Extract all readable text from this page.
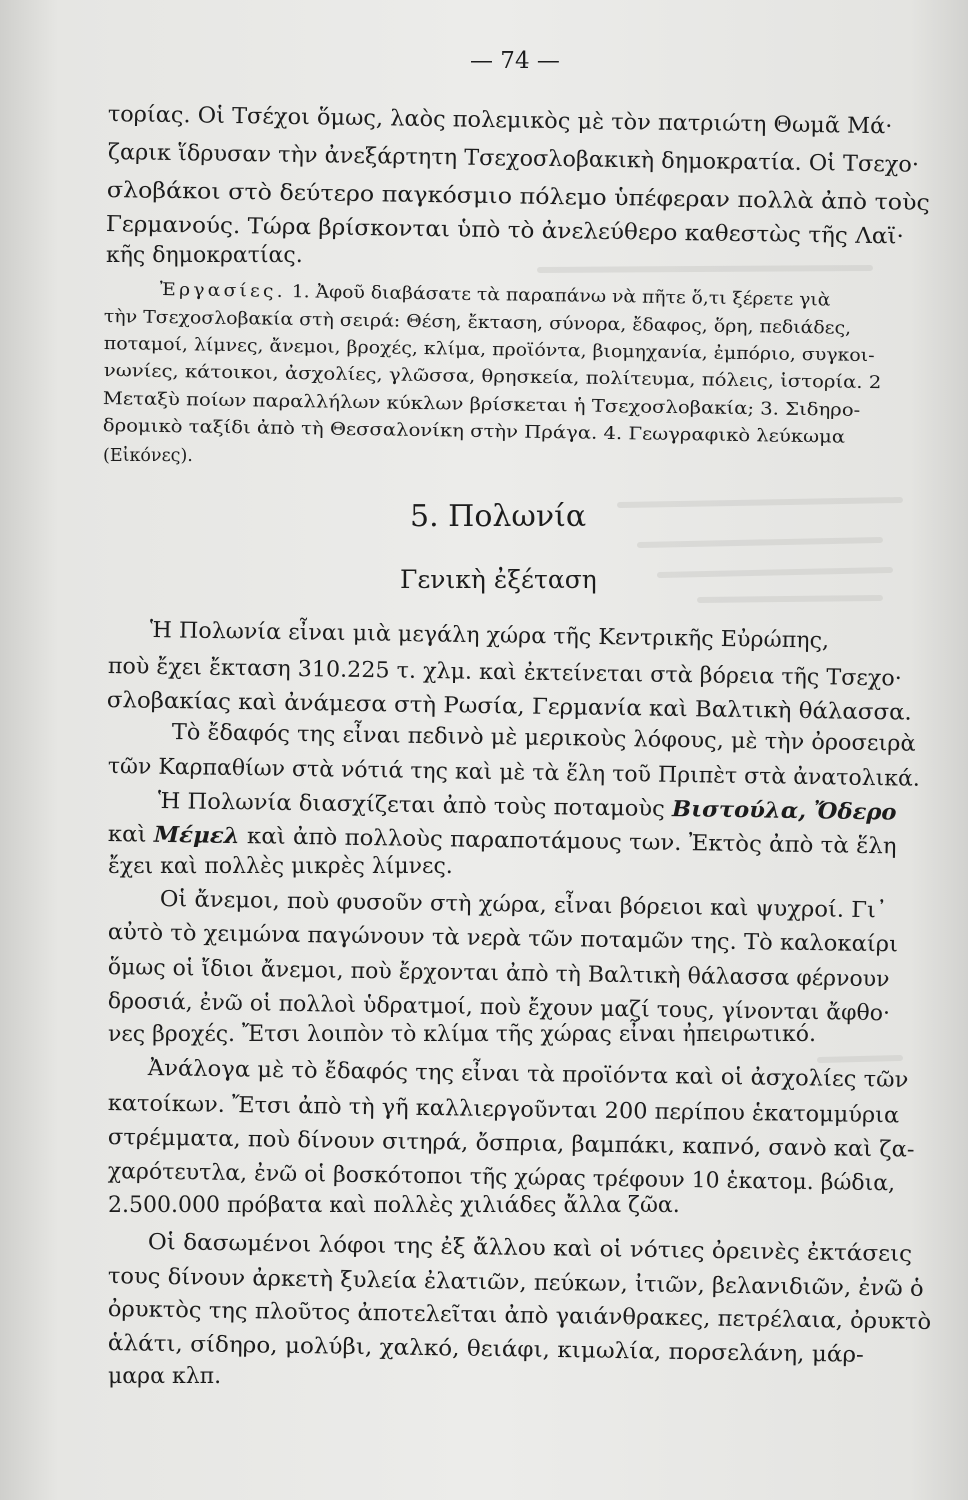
— 74 —
τορίας. Οἱ Τσέχοι ὅμως, λαὸς πολεμικὸς μὲ τὸν πατριώτη Θωμᾶ Μά·
ζαρικ ἵδρυσαν τὴν ἀνεξάρτητη Τσεχοσλοβακικὴ δημοκρατία. Οἱ Τσεχο·
σλοβάκοι στὸ δεύτερο παγκόσμιο πόλεμο ὑπέφεραν πολλὰ ἀπὸ τοὺς
Γερμανούς. Τώρα βρίσκονται ὑπὸ τὸ ἀνελεύθερο καθεστὼς τῆς Λαϊ·
κῆς δημοκρατίας.
Ἐργασίες. 1. Ἀφοῦ διαβάσατε τὰ παραπάνω νὰ πῆτε ὅ,τι ξέρετε γιὰ
τὴν Τσεχοσλοβακία στὴ σειρά: Θέση, ἔκταση, σύνορα, ἔδαφος, ὅρη, πεδιάδες,
ποταμοί, λίμνες, ἄνεμοι, βροχές, κλίμα, προϊόντα, βιομηχανία, ἐμπόριο, συγκοι-
νωνίες, κάτοικοι, ἀσχολίες, γλῶσσα, θρησκεία, πολίτευμα, πόλεις, ἱστορία. 2
Μεταξὺ ποίων παραλλήλων κύκλων βρίσκεται ἡ Τσεχοσλοβακία; 3. Σιδηρο-
δρομικὸ ταξίδι ἀπὸ τὴ Θεσσαλονίκη στὴν Πράγα. 4. Γεωγραφικὸ λεύκωμα
(Εἰκόνες).
5. Πολωνία
Γενικὴ ἐξέταση
Ἡ Πολωνία εἶναι μιὰ μεγάλη χώρα τῆς Κεντρικῆς Εὐρώπης,
ποὺ ἔχει ἔκταση 310.225 τ. χλμ. καὶ ἐκτείνεται στὰ βόρεια τῆς Τσεχο·
σλοβακίας καὶ ἀνάμεσα στὴ Ρωσία, Γερμανία καὶ Βαλτικὴ θάλασσα.
Τὸ ἔδαφός της εἶναι πεδινὸ μὲ μερικοὺς λόφους, μὲ τὴν ὀροσειρὰ
τῶν Καρπαθίων στὰ νότιά της καὶ μὲ τὰ ἕλη τοῦ Πριπὲτ στὰ ἀνατολικά.
Ἡ Πολωνία διασχίζεται ἀπὸ τοὺς ποταμοὺς Βιστούλα, Ὄδερο
καὶ Μέμελ καὶ ἀπὸ πολλοὺς παραποτάμους των. Ἐκτὸς ἀπὸ τὰ ἕλη
ἔχει καὶ πολλὲς μικρὲς λίμνες.
Οἱ ἄνεμοι, ποὺ φυσοῦν στὴ χώρα, εἶναι βόρειοι καὶ ψυχροί. Γι᾿
αὐτὸ τὸ χειμώνα παγώνουν τὰ νερὰ τῶν ποταμῶν της. Τὸ καλοκαίρι
ὅμως οἱ ἴδιοι ἄνεμοι, ποὺ ἔρχονται ἀπὸ τὴ Βαλτικὴ θάλασσα φέρνουν
δροσιά, ἐνῶ οἱ πολλοὶ ὑδρατμοί, ποὺ ἔχουν μαζί τους, γίνονται ἄφθο·
νες βροχές. Ἔτσι λοιπὸν τὸ κλίμα τῆς χώρας εἶναι ἠπειρωτικό.
Ἀνάλογα μὲ τὸ ἔδαφός της εἶναι τὰ προϊόντα καὶ οἱ ἀσχολίες τῶν
κατοίκων. Ἔτσι ἀπὸ τὴ γῆ καλλιεργοῦνται 200 περίπου ἑκατομμύρια
στρέμματα, ποὺ δίνουν σιτηρά, ὄσπρια, βαμπάκι, καπνό, σανὸ καὶ ζα-
χαρότευτλα, ἐνῶ οἱ βοσκότοποι τῆς χώρας τρέφουν 10 ἑκατομ. βώδια,
2.500.000 πρόβατα καὶ πολλὲς χιλιάδες ἄλλα ζῶα.
Οἱ δασωμένοι λόφοι της ἐξ ἄλλου καὶ οἱ νότιες ὀρεινὲς ἐκτάσεις
τους δίνουν ἀρκετὴ ξυλεία ἐλατιῶν, πεύκων, ἰτιῶν, βελανιδιῶν, ἐνῶ ὁ
ὀρυκτὸς της πλοῦτος ἀποτελεῖται ἀπὸ γαιάνθρακες, πετρέλαια, ὀρυκτὸ
ἁλάτι, σίδηρο, μολύβι, χαλκό, θειάφι, κιμωλία, πορσελάνη, μάρ-
μαρα κλπ.
